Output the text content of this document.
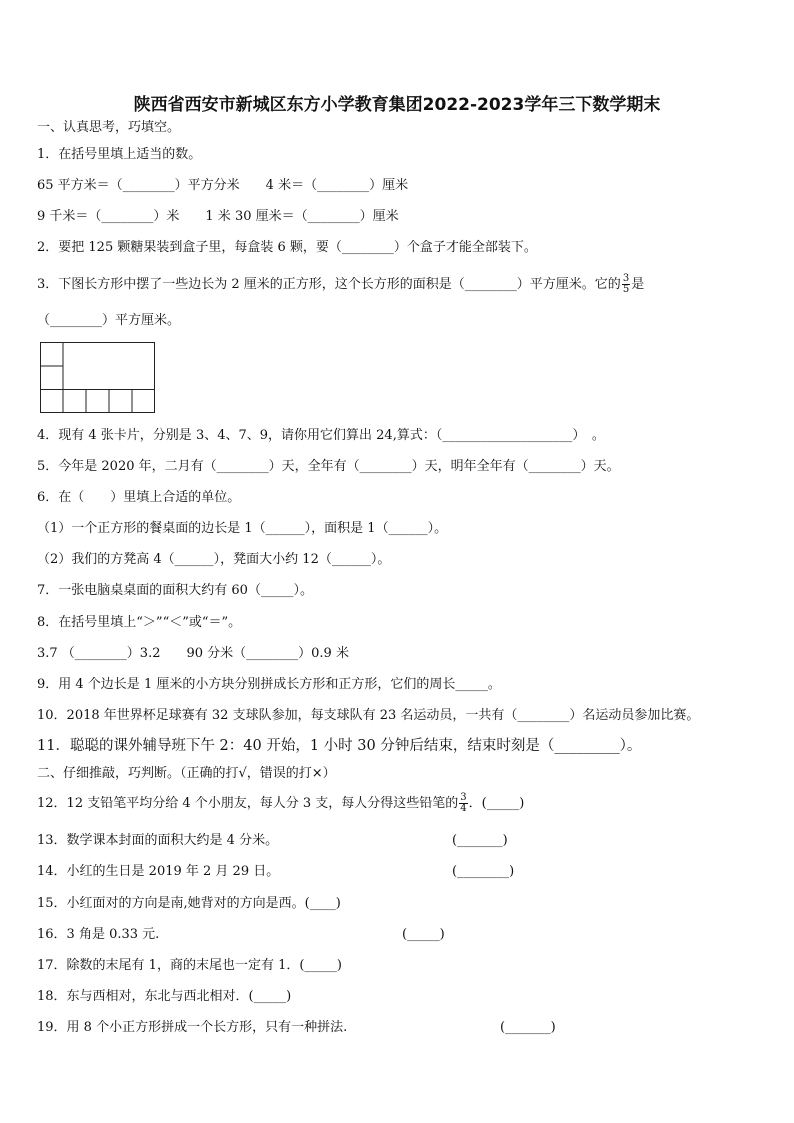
陕西省西安市新城区东方小学教育集团2022-2023学年三下数学期末
一、认真思考，巧填空。
1．在括号里填上适当的数。
65 平方米＝（________）平方分米　　4 米＝（________）厘米
9 千米＝（________）米　　1 米 30 厘米＝（________）厘米
2．要把 125 颗糖果装到盒子里，每盒装 6 颗，要（________）个盒子才能全部装下。
3．下图长方形中摆了一些边长为 2 厘米的正方形，这个长方形的面积是（________）平方厘米。它的 $\frac{3}{5}$ 是
（________）平方厘米。
4．现有 4 张卡片，分别是 3、4、7、9，请你用它们算出 24,算式：（____________________）　。
5．今年是 2020 年，二月有（________）天，全年有（________）天，明年全年有（________）天。
6．在（　　）里填上合适的单位。
（1）一个正方形的餐桌面的边长是 1（______），面积是 1（______）。
（2）我们的方凳高 4（______），凳面大小约 12（______）。
7．一张电脑桌桌面的面积大约有 60（_____）。
8．在括号里填上“＞”“＜”或“＝”。
3.7 （________）3.2　　90 分米（________）0.9 米
9．用 4 个边长是 1 厘米的小方块分别拼成长方形和正方形，它们的周长_____。
10．2018 年世界杯足球赛有 32 支球队参加，每支球队有 23 名运动员，一共有（________）名运动员参加比赛。
11．聪聪的课外辅导班下午 2：40 开始，1 小时 30 分钟后结束，结束时刻是（_________）。
二、仔细推敲，巧判断。（正确的打√，错误的打×）
12．12 支铅笔平均分给 4 个小朋友，每人分 3 支，每人分得这些铅笔的 $\frac{3}{4}$ ．(_____)
13．数学课本封面的面积大约是 4 分米。	(_______)
14．小红的生日是 2019 年 2 月 29 日。	(________)
15．小红面对的方向是南,她背对的方向是西。(____)
16．3 角是 0.33 元.	(_____)
17．除数的末尾有 1，商的末尾也一定有 1．(_____)
18．东与西相对，东北与西北相对．(_____)
19．用 8 个小正方形拼成一个长方形，只有一种拼法.	(_______)
